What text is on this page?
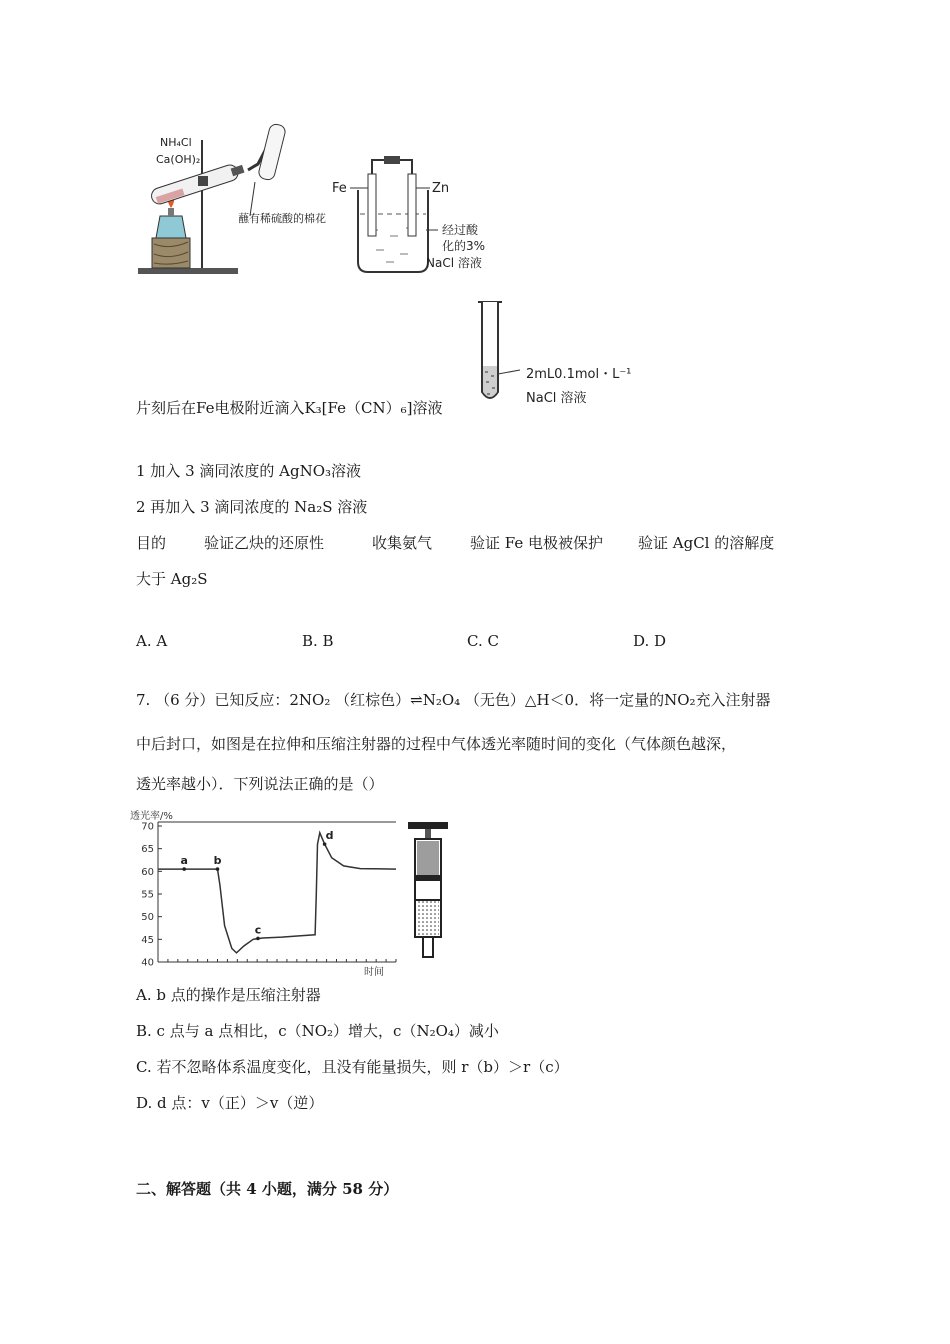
NH₄Cl
Ca(OH)₂
蘸有稀硫酸的棉花
Fe	Zn
经过酸
化的3%
NaCl 溶液
2mL0.1mol・L⁻¹
NaCl 溶液
片刻后在Fe电极附近滴入K₃[Fe（CN）₆]溶液
1 加入 3 滴同浓度的 AgNO₃溶液
2 再加入 3 滴同浓度的 Na₂S 溶液
目的	验证乙炔的还原性	收集氨气	验证 Fe 电极被保护 验证 AgCl 的溶解度
大于 Ag₂S
A. A	B. B	C. C	D. D
7. （6 分）已知反应：2NO₂ （红棕色）⇌N₂O₄ （无色）△H＜0．将一定量的NO₂充入注射器
中后封口，如图是在拉伸和压缩注射器的过程中气体透光率随时间的变化（气体颜色越深，
透光率越小）．下列说法正确的是（）
透光率/%
时间
40
45
50
55
60
65
70
a b
c
d
A. b 点的操作是压缩注射器
B. c 点与 a 点相比，c（NO₂）增大，c（N₂O₄）减小
C. 若不忽略体系温度变化，且没有能量损失，则 r（b）＞r（c）
D. d 点：v（正）＞v（逆）
二、解答题（共 4 小题，满分 58 分）
